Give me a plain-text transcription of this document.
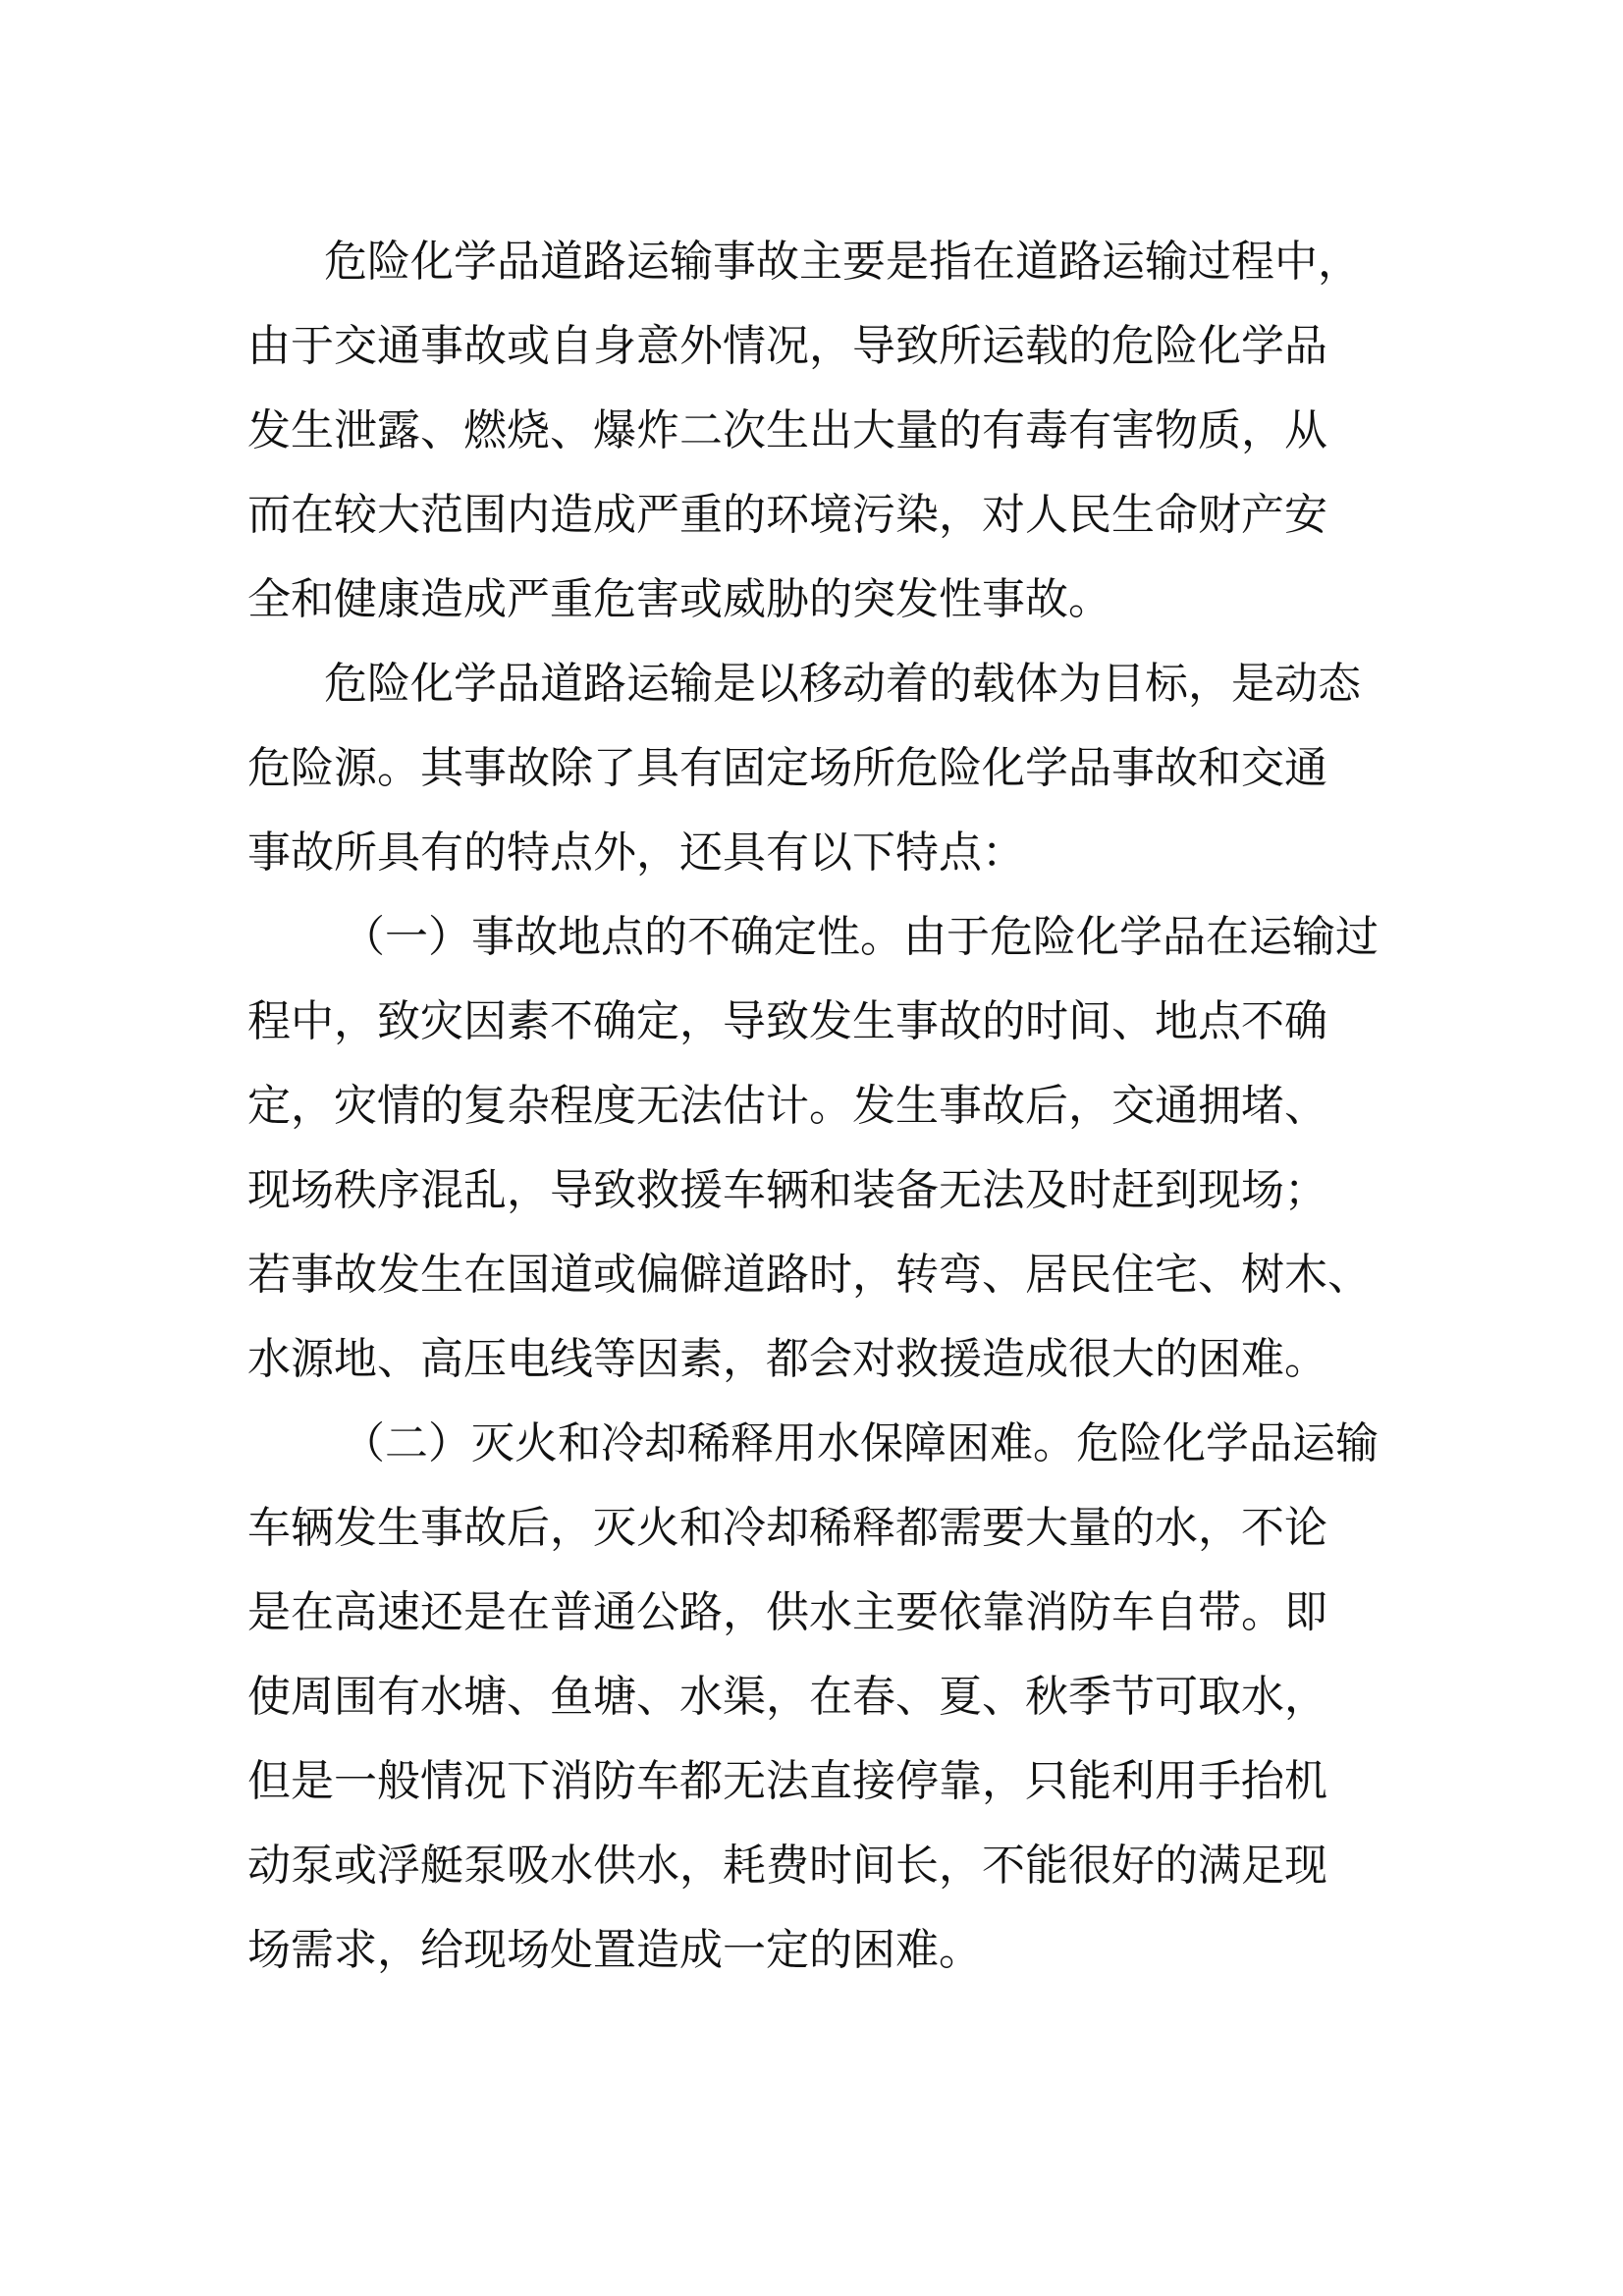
危险化学品道路运输事故主要是指在道路运输过程中，
由于交通事故或自身意外情况，导致所运载的危险化学品
发生泄露、燃烧、爆炸二次生出大量的有毒有害物质，从
而在较大范围内造成严重的环境污染，对人民生命财产安
全和健康造成严重危害或威胁的突发性事故。
危险化学品道路运输是以移动着的载体为目标，是动态
危险源。其事故除了具有固定场所危险化学品事故和交通
事故所具有的特点外，还具有以下特点：
（一）事故地点的不确定性。由于危险化学品在运输过
程中，致灾因素不确定，导致发生事故的时间、地点不确
定，灾情的复杂程度无法估计。发生事故后，交通拥堵、
现场秩序混乱，导致救援车辆和装备无法及时赶到现场；
若事故发生在国道或偏僻道路时，转弯、居民住宅、树木、
水源地、高压电线等因素，都会对救援造成很大的困难。
（二）灭火和冷却稀释用水保障困难。危险化学品运输
车辆发生事故后，灭火和冷却稀释都需要大量的水，不论
是在高速还是在普通公路，供水主要依靠消防车自带。即
使周围有水塘、鱼塘、水渠，在春、夏、秋季节可取水，
但是一般情况下消防车都无法直接停靠，只能利用手抬机
动泵或浮艇泵吸水供水，耗费时间长，不能很好的满足现
场需求，给现场处置造成一定的困难。
